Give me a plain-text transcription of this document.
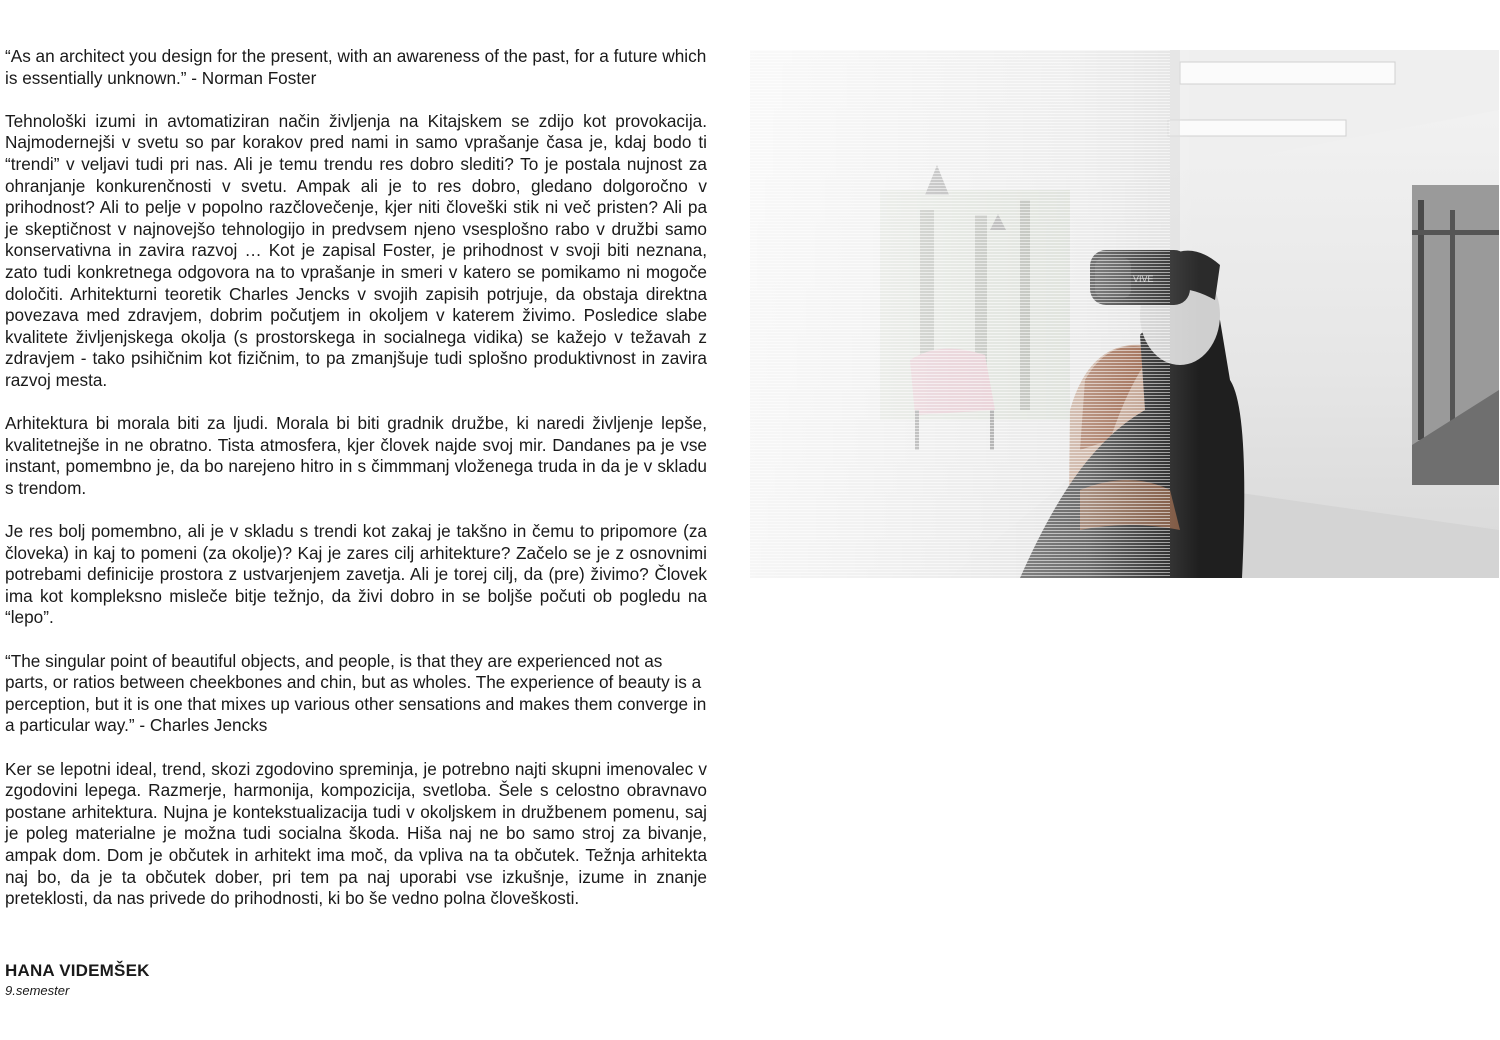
“As an architect you design for the present, with an awareness of the past, for a future which is essentially unknown.” - Norman Foster

Tehnološki izumi in avtomatiziran način življenja na Kitajskem se zdijo kot provokacija. Najmodernejši v svetu so par korakov pred nami in samo vprašanje časa je, kdaj bodo ti “trendi” v veljavi tudi pri nas. Ali je temu trendu res dobro slediti? To je postala nujnost za ohranjanje konkurenčnosti v svetu. Ampak ali je to res dobro, gledano dolgoročno v prihodnost? Ali to pelje v popolno razčlovečenje, kjer niti človeški stik ni več pristen? Ali pa je skeptičnost v najnovejšo tehnologijo in predvsem njeno vsesplošno rabo v družbi samo konservativna in zavira razvoj … Kot je zapisal Foster, je prihodnost v svoji biti neznana, zato tudi konkretnega odgovora na to vprašanje in smeri v katero se pomikamo ni mogoče določiti. Arhitekturni teoretik Charles Jencks v svojih zapisih potrjuje, da obstaja direktna povezava med zdravjem, dobrim počutjem in okoljem v katerem živimo. Posledice slabe kvalitete življenjskega okolja (s prostorskega in socialnega vidika) se kažejo v težavah z zdravjem - tako psihičnim kot fizičnim, to pa zmanjšuje tudi splošno produktivnost in zavira razvoj mesta.

Arhitektura bi morala biti za ljudi. Morala bi biti gradnik družbe, ki naredi življenje lepše, kvalitetnejše in ne obratno. Tista atmosfera, kjer človek najde svoj mir. Dandanes pa je vse instant, pomembno je, da bo narejeno hitro in s čimmmanj vloženega truda in da je v skladu s trendom.

Je res bolj pomembno, ali je v skladu s trendi kot zakaj je takšno in čemu to pripomore (za človeka) in kaj to pomeni (za okolje)? Kaj je zares cilj arhitekture? Začelo se je z osnovnimi potrebami definicije prostora z ustvarjenjem zavetja. Ali je torej cilj, da (pre) živimo? Človek ima kot kompleksno misleče bitje težnjo, da živi dobro in se boljše počuti ob pogledu na “lepo”.

“The singular point of beautiful objects, and people, is that they are experienced not as parts, or ratios between cheekbones and chin, but as wholes. The experience of beauty is a perception, but it is one that mixes up various other sensations and makes them converge in a particular way.” - Charles Jencks

Ker se lepotni ideal, trend, skozi zgodovino spreminja, je potrebno najti skupni imenovalec v zgodovini lepega. Razmerje, harmonija, kompozicija, svetloba. Šele s celostno obravnavo postane arhitektura. Nujna je kontekstualizacija tudi v okoljskem in družbenem pomenu, saj je poleg materialne je možna tudi socialna škoda. Hiša naj ne bo samo stroj za bivanje, ampak dom. Dom je občutek in arhitekt ima moč, da vpliva na ta občutek. Težnja arhitekta naj bo, da je ta občutek dober, pri tem pa naj uporabi vse izkušnje, izume in znanje preteklosti, da nas privede do prihodnosti, ki bo še vedno polna človeškosti.

HANA VIDEMŠEK
9.semester
